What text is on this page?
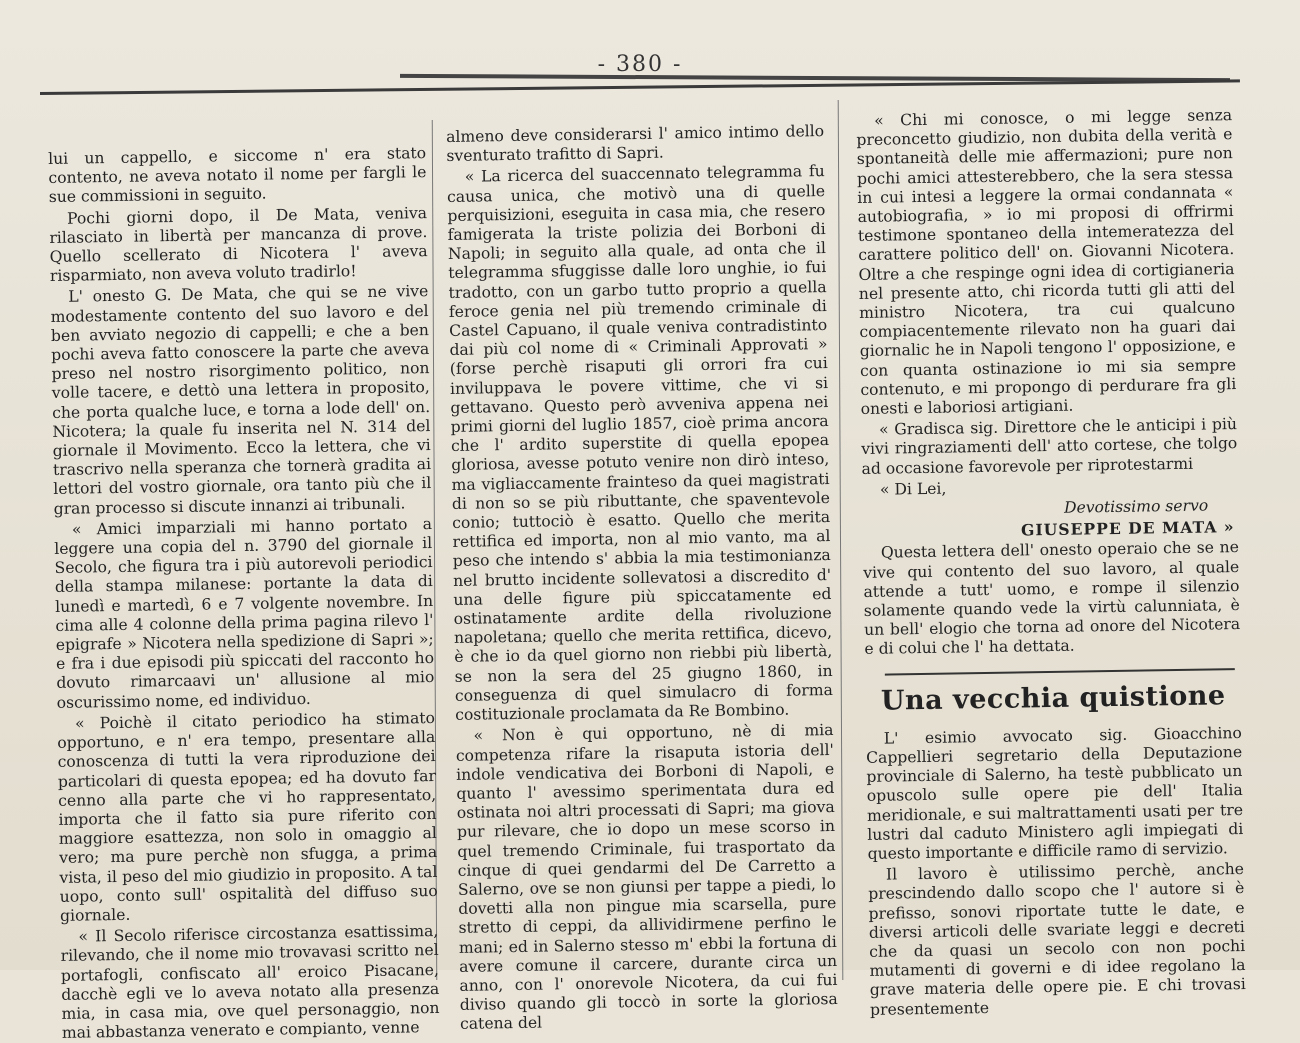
- 380 -

lui un cappello, e siccome n' era stato contento, ne aveva notato il nome per fargli le sue commissioni in seguito.

Pochi giorni dopo, il De Mata, veniva rilasciato in libertà per mancanza di prove. Quello scellerato di Nicotera l' aveva risparmiato, non aveva voluto tradirlo!

L' onesto G. De Mata, che qui se ne vive modestamente contento del suo lavoro e del ben avviato negozio di cappelli; e che a ben pochi aveva fatto conoscere la parte che aveva preso nel nostro risorgimento politico, non volle tacere, e dettò una lettera in proposito, che porta qualche luce, e torna a lode dell' on. Nicotera; la quale fu inserita nel N. 314 del giornale il Movimento. Ecco la lettera, che vi trascrivo nella speranza che tornerà gradita ai lettori del vostro giornale, ora tanto più che il gran processo si discute innanzi ai tribunali.

« Amici imparziali mi hanno portato a leggere una copia del n. 3790 del giornale il Secolo, che figura tra i più autorevoli periodici della stampa milanese: portante la data di lunedì e martedì, 6 e 7 volgente novembre. In cima alle 4 colonne della prima pagina rilevo l' epigrafe » Nicotera nella spedizione di Sapri »; e fra i due episodi più spiccati del racconto ho dovuto rimarcaavi un' allusione al mio oscurissimo nome, ed individuo.

« Poichè il citato periodico ha stimato opportuno, e n' era tempo, presentare alla conoscenza di tutti la vera riproduzione dei particolari di questa epopea; ed ha dovuto far cenno alla parte che vi ho rappresentato, importa che il fatto sia pure riferito con maggiore esattezza, non solo in omaggio al vero; ma pure perchè non sfugga, a prima vista, il peso del mio giudizio in proposito. A tal uopo, conto sull' ospitalità del diffuso suo giornale.

« Il Secolo riferisce circostanza esattissima, rilevando, che il nome mio trovavasi scritto nel portafogli, confiscato all' eroico Pisacane, dacchè egli ve lo aveva notato alla presenza mia, in casa mia, ove quel personaggio, non mai abbastanza venerato e compianto, venne

almeno deve considerarsi l' amico intimo dello sventurato trafitto di Sapri.

« La ricerca del suaccennato telegramma fu causa unica, che motivò una di quelle perquisizioni, eseguita in casa mia, che resero famigerata la triste polizia dei Borboni di Napoli; in seguito alla quale, ad onta che il telegramma sfuggisse dalle loro unghie, io fui tradotto, con un garbo tutto proprio a quella feroce genia nel più tremendo criminale di Castel Capuano, il quale veniva contradistinto dai più col nome di « Criminali Approvati » (forse perchè risaputi gli orrori fra cui inviluppava le povere vittime, che vi si gettavano. Questo però avveniva appena nei primi giorni del luglio 1857, cioè prima ancora che l' ardito superstite di quella epopea gloriosa, avesse potuto venire non dirò inteso, ma vigliaccamente frainteso da quei magistrati di non so se più ributtante, che spaventevole conio; tuttociò è esatto. Quello che merita rettifica ed importa, non al mio vanto, ma al peso che intendo s' abbia la mia testimonianza nel brutto incidente sollevatosi a discredito d' una delle figure più spiccatamente ed ostinatamente ardite della rivoluzione napoletana; quello che merita rettifica, dicevo, è che io da quel giorno non riebbi più libertà, se non la sera del 25 giugno 1860, in conseguenza di quel simulacro di forma costituzionale proclamata da Re Bombino.

« Non è qui opportuno, nè di mia competenza rifare la risaputa istoria dell' indole vendicativa dei Borboni di Napoli, e quanto l' avessimo sperimentata dura ed ostinata noi altri processati di Sapri; ma giova pur rilevare, che io dopo un mese scorso in quel tremendo Criminale, fui trasportato da cinque di quei gendarmi del De Carretto a Salerno, ove se non giunsi per tappe a piedi, lo dovetti alla non pingue mia scarsella, pure stretto di ceppi, da allividirmene perfino le mani; ed in Salerno stesso m' ebbi la fortuna di avere comune il carcere, durante circa un anno, con l' onorevole Nicotera, da cui fui diviso quando gli toccò in sorte la gloriosa catena del

« Chi mi conosce, o mi legge senza preconcetto giudizio, non dubita della verità e spontaneità delle mie affermazioni; pure non pochi amici attesterebbero, che la sera stessa in cui intesi a leggere la ormai condannata « autobiografia, » io mi proposi di offrirmi testimone spontaneo della intemeratezza del carattere politico dell' on. Giovanni Nicotera. Oltre a che respinge ogni idea di cortigianeria nel presente atto, chi ricorda tutti gli atti del ministro Nicotera, tra cui qualcuno compiacentemente rilevato non ha guari dai giornalic he in Napoli tengono l' opposizione, e con quanta ostinazione io mi sia sempre contenuto, e mi propongo di perdurare fra gli onesti e laboriosi artigiani.

« Gradisca sig. Direttore che le anticipi i più vivi ringraziamenti dell' atto cortese, che tolgo ad occasione favorevole per riprotestarmi

« Di Lei,

Devotissimo servo

GIUSEPPE DE MATA »

Questa lettera dell' onesto operaio che se ne vive qui contento del suo lavoro, al quale attende a tutt' uomo, e rompe il silenzio solamente quando vede la virtù calunniata, è un bell' elogio che torna ad onore del Nicotera e di colui che l' ha dettata.

Una vecchia quistione

L' esimio avvocato sig. Gioacchino Cappellieri segretario della Deputazione provinciale di Salerno, ha testè pubblicato un opuscolo sulle opere pie dell' Italia meridionale, e sui maltrattamenti usati per tre lustri dal caduto Ministero agli impiegati di questo importante e difficile ramo di servizio.

Il lavoro è utilissimo perchè, anche prescindendo dallo scopo che l' autore si è prefisso, sonovi riportate tutte le date, e diversi articoli delle svariate leggi e decreti che da quasi un secolo con non pochi mutamenti di governi e di idee regolano la grave materia delle opere pie. E chi trovasi presentemente
